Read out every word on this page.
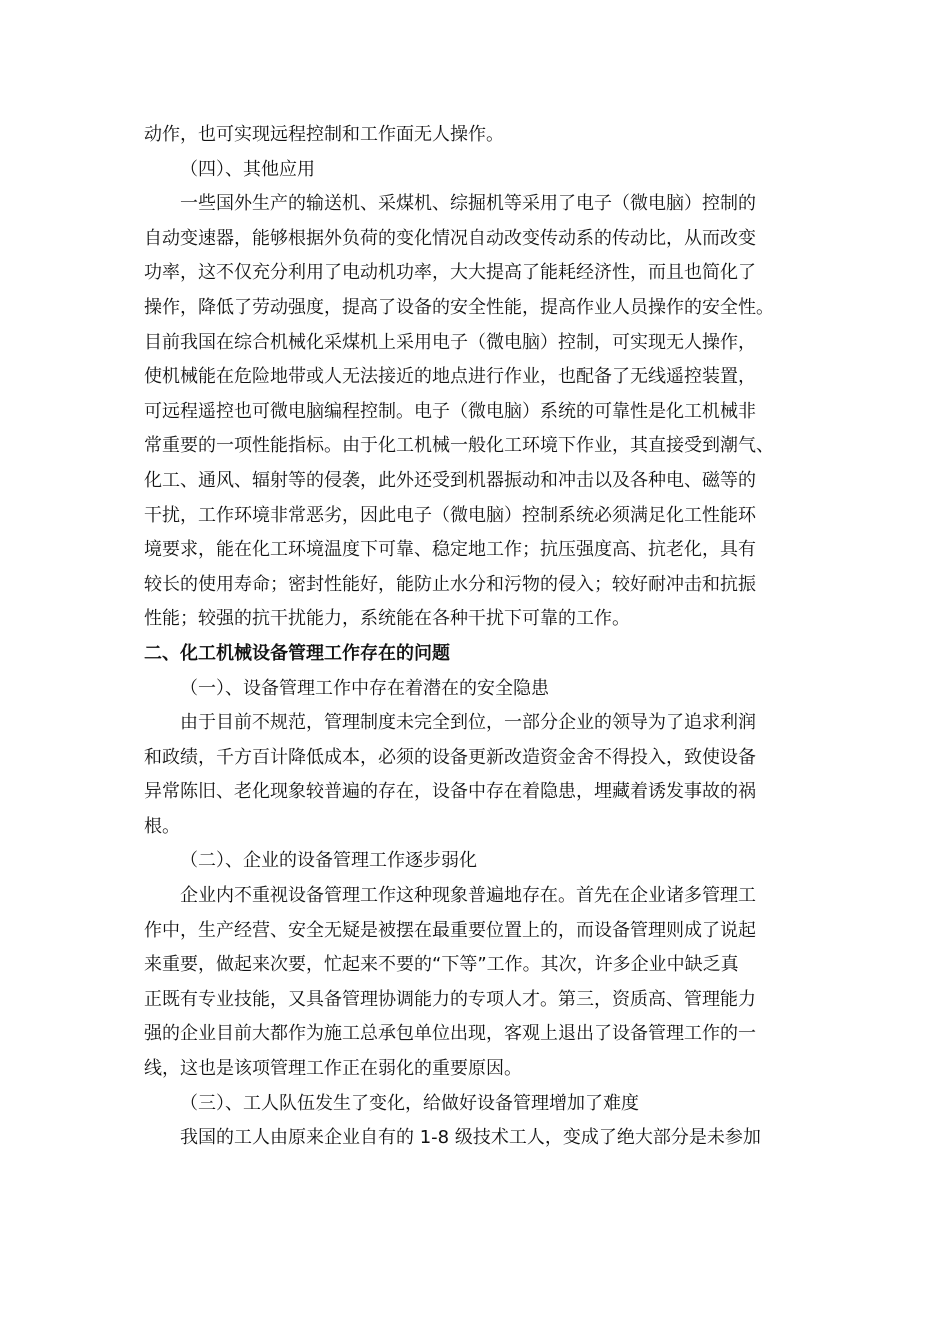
动作，也可实现远程控制和工作面无人操作。
（四）、其他应用
一些国外生产的输送机、采煤机、综掘机等采用了电子（微电脑）控制的
自动变速器，能够根据外负荷的变化情况自动改变传动系的传动比，从而改变
功率，这不仅充分利用了电动机功率，大大提高了能耗经济性，而且也简化了
操作，降低了劳动强度，提高了设备的安全性能，提高作业人员操作的安全性。
目前我国在综合机械化采煤机上采用电子（微电脑）控制，可实现无人操作，
使机械能在危险地带或人无法接近的地点进行作业，也配备了无线遥控装置，
可远程遥控也可微电脑编程控制。电子（微电脑）系统的可靠性是化工机械非
常重要的一项性能指标。由于化工机械一般化工环境下作业，其直接受到潮气、
化工、通风、辐射等的侵袭，此外还受到机器振动和冲击以及各种电、磁等的
干扰，工作环境非常恶劣，因此电子（微电脑）控制系统必须满足化工性能环
境要求，能在化工环境温度下可靠、稳定地工作；抗压强度高、抗老化，具有
较长的使用寿命；密封性能好，能防止水分和污物的侵入；较好耐冲击和抗振
性能；较强的抗干扰能力，系统能在各种干扰下可靠的工作。
二、化工机械设备管理工作存在的问题
（一）、设备管理工作中存在着潜在的安全隐患
由于目前不规范，管理制度未完全到位，一部分企业的领导为了追求利润
和政绩，千方百计降低成本，必须的设备更新改造资金舍不得投入，致使设备
异常陈旧、老化现象较普遍的存在，设备中存在着隐患，埋藏着诱发事故的祸
根。
（二）、企业的设备管理工作逐步弱化
企业内不重视设备管理工作这种现象普遍地存在。首先在企业诸多管理工
作中，生产经营、安全无疑是被摆在最重要位置上的，而设备管理则成了说起
来重要，做起来次要，忙起来不要的“下等”工作。其次，许多企业中缺乏真
正既有专业技能，又具备管理协调能力的专项人才。第三，资质高、管理能力
强的企业目前大都作为施工总承包单位出现，客观上退出了设备管理工作的一
线，这也是该项管理工作正在弱化的重要原因。
（三）、工人队伍发生了变化，给做好设备管理增加了难度
我国的工人由原来企业自有的 1-8 级技术工人，变成了绝大部分是未参加
